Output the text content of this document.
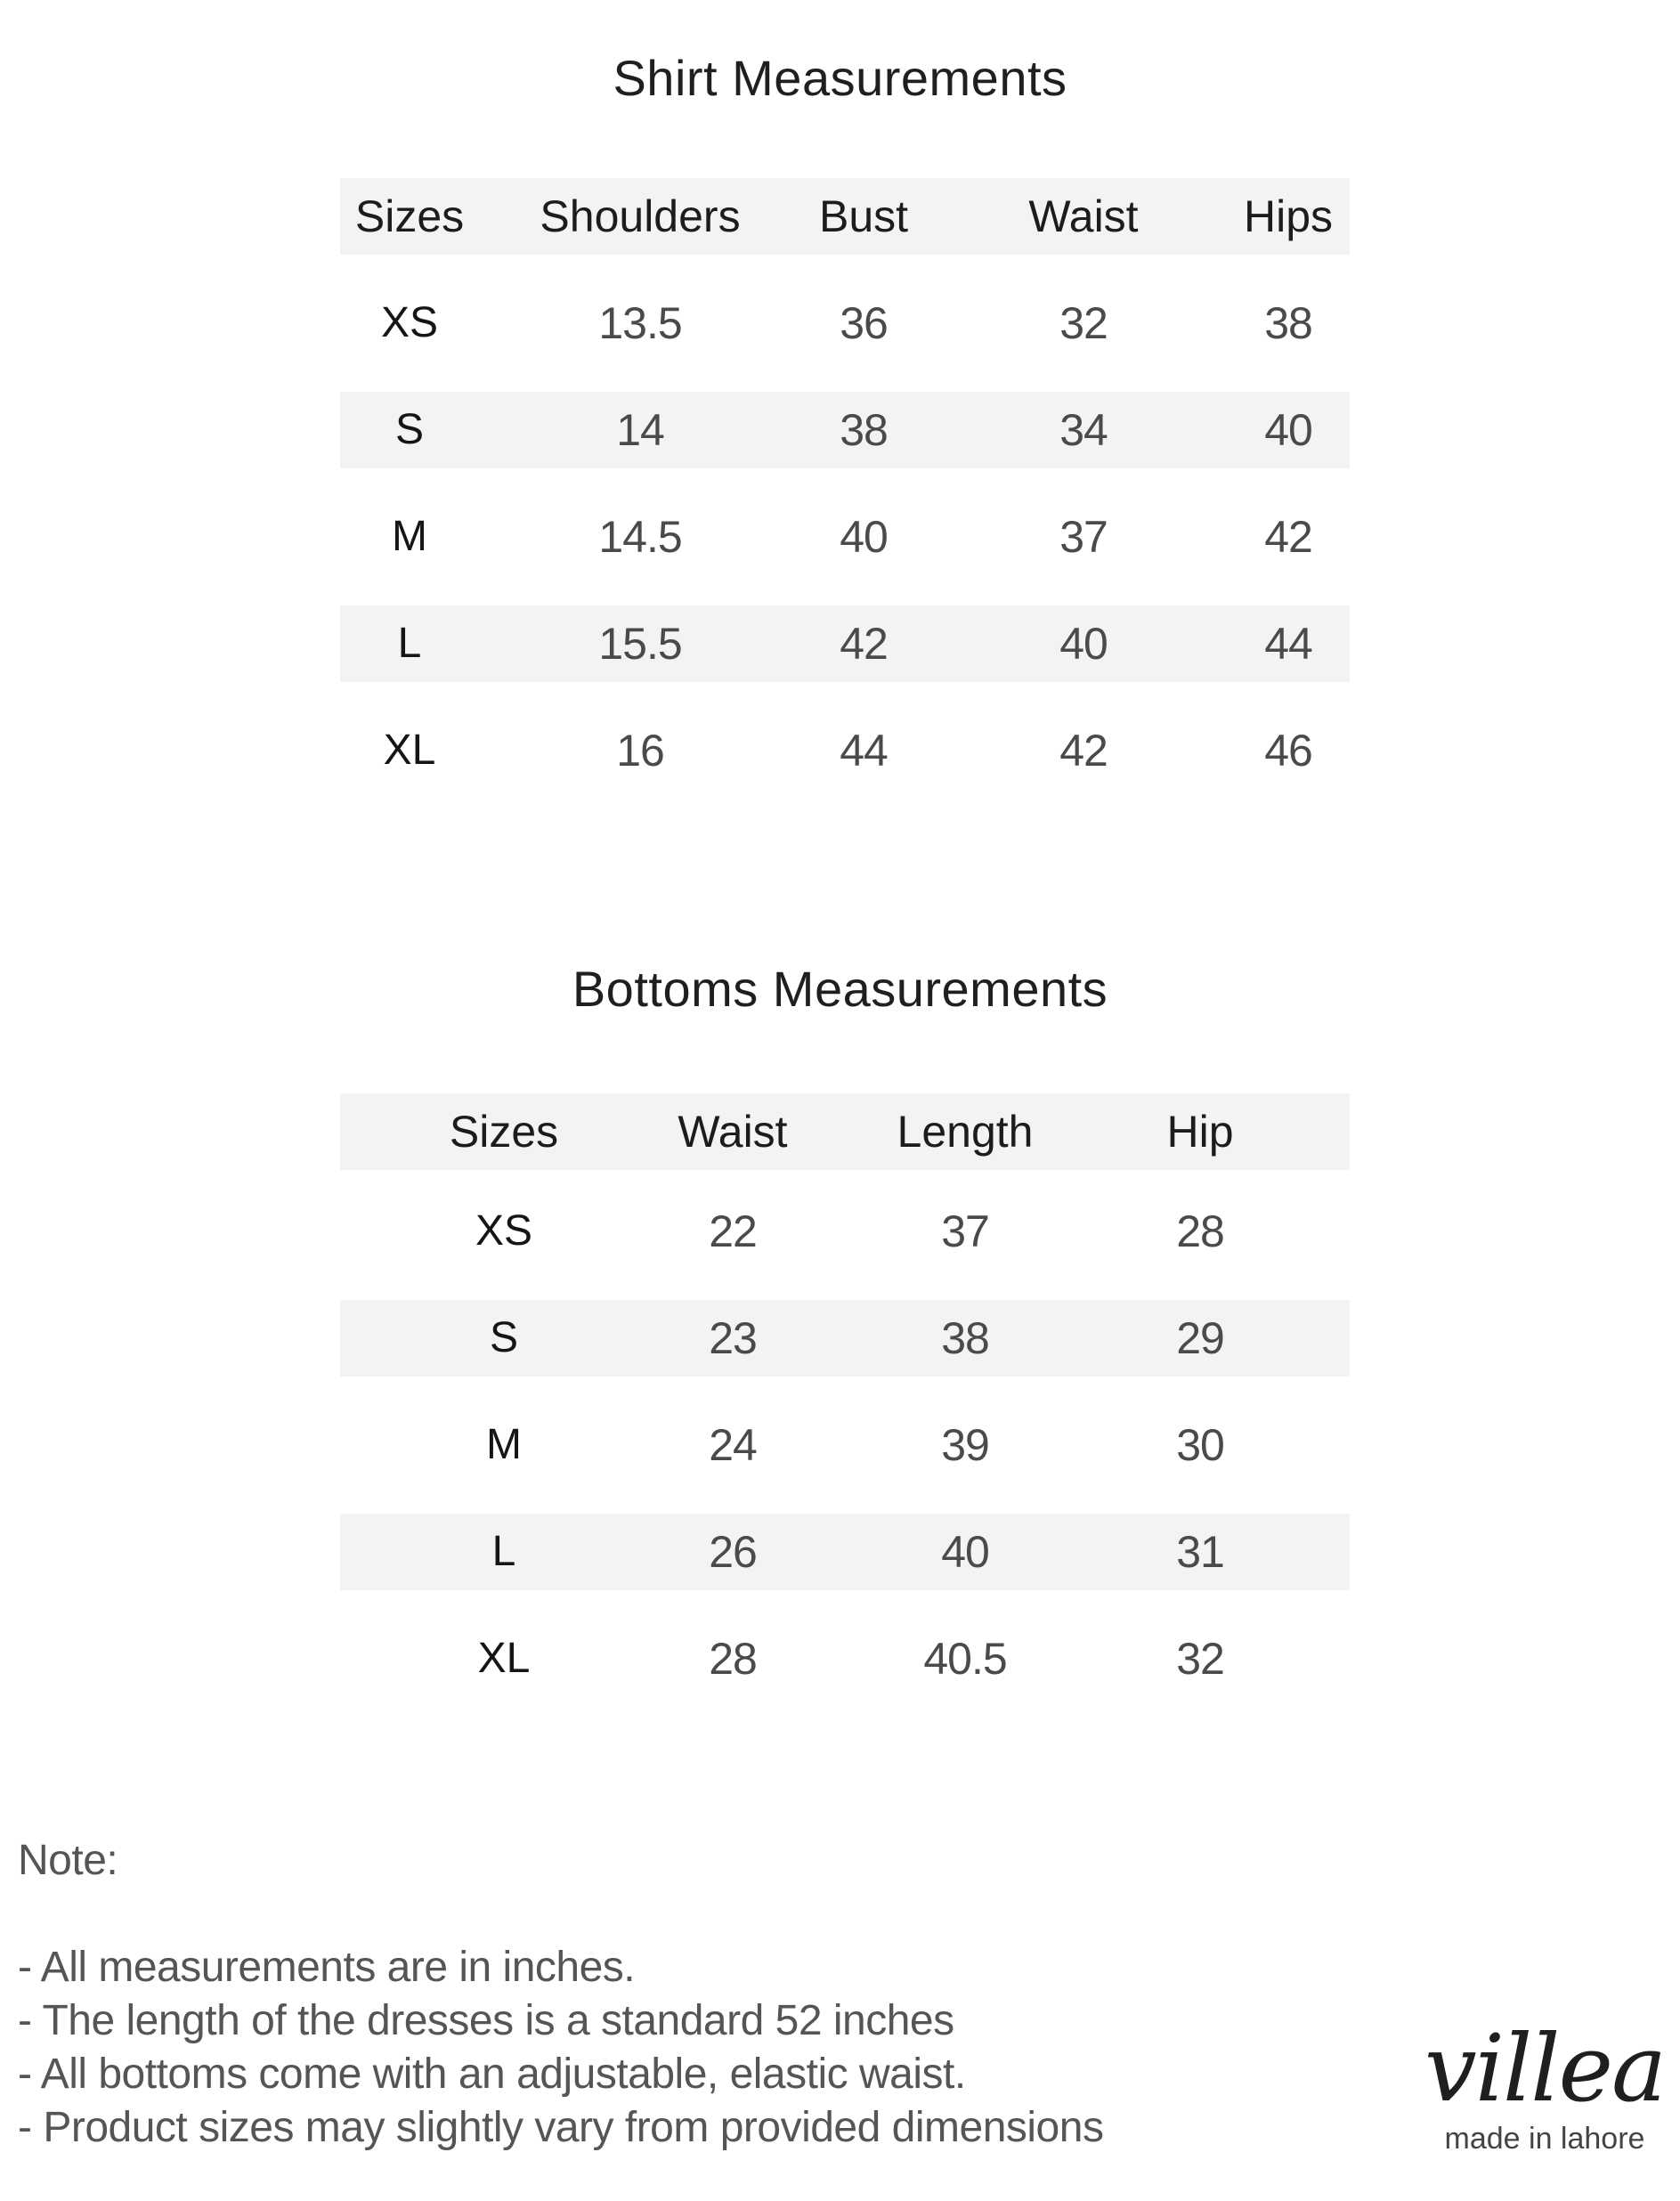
Shirt Measurements
Sizes	Shoulders	Bust	Waist	Hips
XS	13.5	36	32	38
S	14	38	34	40
M	14.5	40	37	42
L	15.5	42	40	44
XL	16	44	42	46
Bottoms Measurements
Sizes	Waist	Length	Hip
XS	22	37	28
S	23	38	29
M	24	39	30
L	26	40	31
XL	28	40.5	32
Note:
- All measurements are in inches.
- The length of the dresses is a standard 52 inches
- All bottoms come with an adjustable, elastic waist.
- Product sizes may slightly vary from provided dimensions
villea
made in lahore
